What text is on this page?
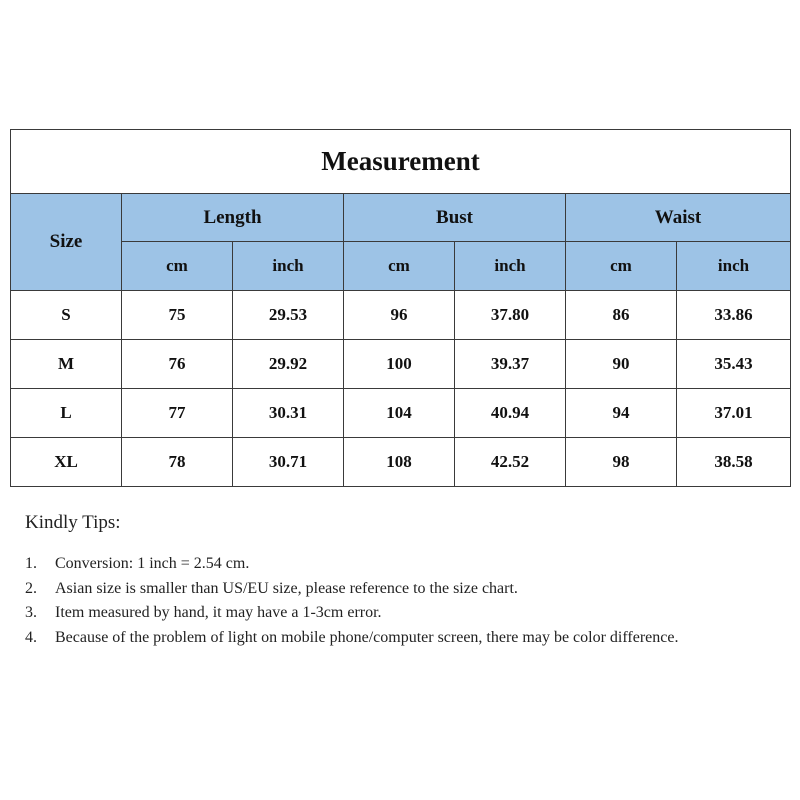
Measurement						
Size	Length		Bust		Waist	
	cm	inch	cm	inch	cm	inch
S	75	29.53	96	37.80	86	33.86
M	76	29.92	100	39.37	90	35.43
L	77	30.31	104	40.94	94	37.01
XL	78	30.71	108	42.52	98	38.58
Kindly Tips:
1. Conversion: 1 inch = 2.54 cm.
2. Asian size is smaller than US/EU size, please reference to the size chart.
3. Item measured by hand, it may have a 1-3cm error.
4. Because of the problem of light on mobile phone/computer screen, there may be color difference.
